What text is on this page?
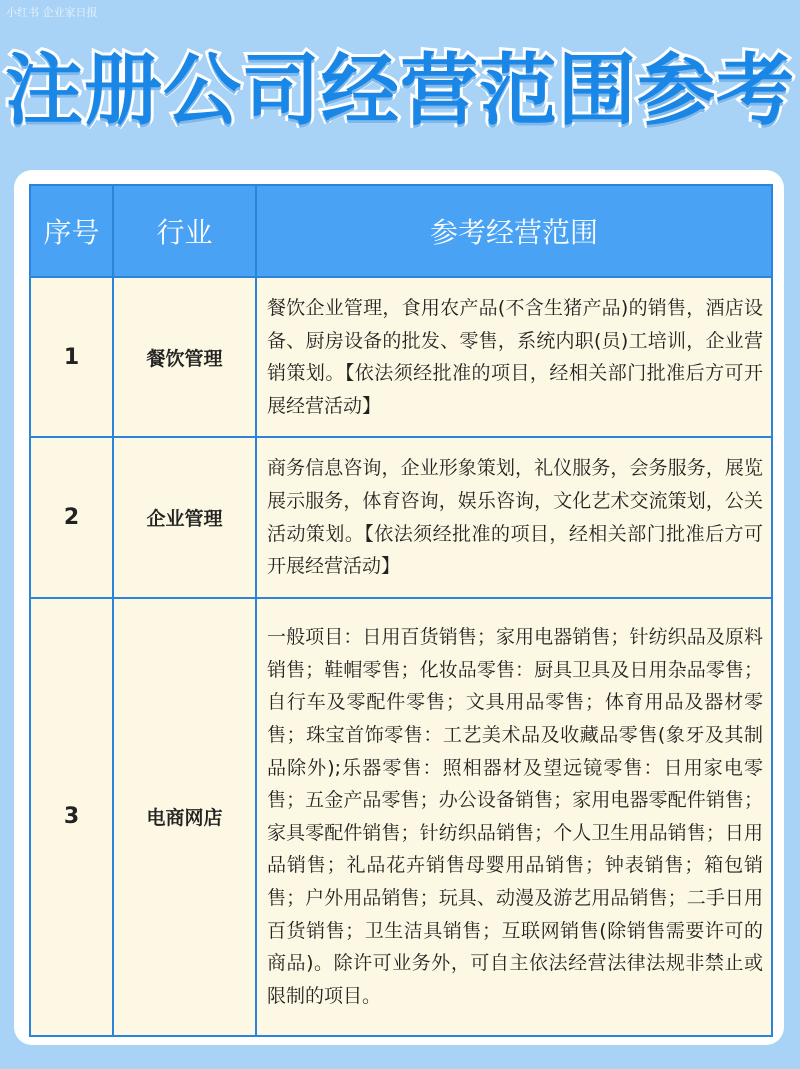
小红书 企业家日报
注册公司经营范围参考
序号	行业	参考经营范围
1	餐饮管理	餐饮企业管理，食用农产品(不含生猪产品)的销售，酒店设备、厨房设备的批发、零售，系统内职(员)工培训，企业营销策划。【依法须经批准的项目，经相关部门批准后方可开展经营活动】
2	企业管理	商务信息咨询，企业形象策划，礼仪服务，会务服务，展览展示服务，体育咨询，娱乐咨询，文化艺术交流策划，公关活动策划。【依法须经批准的项目，经相关部门批准后方可开展经营活动】
3	电商网店	一般项目：日用百货销售；家用电器销售；针纺织品及原料销售；鞋帽零售；化妆品零售：厨具卫具及日用杂品零售；自行车及零配件零售；文具用品零售；体育用品及器材零售；珠宝首饰零售：工艺美术品及收藏品零售(象牙及其制品除外);乐器零售：照相器材及望远镜零售：日用家电零售；五金产品零售；办公设备销售；家用电器零配件销售；家具零配件销售；针纺织品销售；个人卫生用品销售；日用品销售；礼品花卉销售母婴用品销售；钟表销售；箱包销售；户外用品销售；玩具、动漫及游艺用品销售；二手日用百货销售；卫生洁具销售；互联网销售(除销售需要许可的商品)。除许可业务外，可自主依法经营法律法规非禁止或限制的项目。
